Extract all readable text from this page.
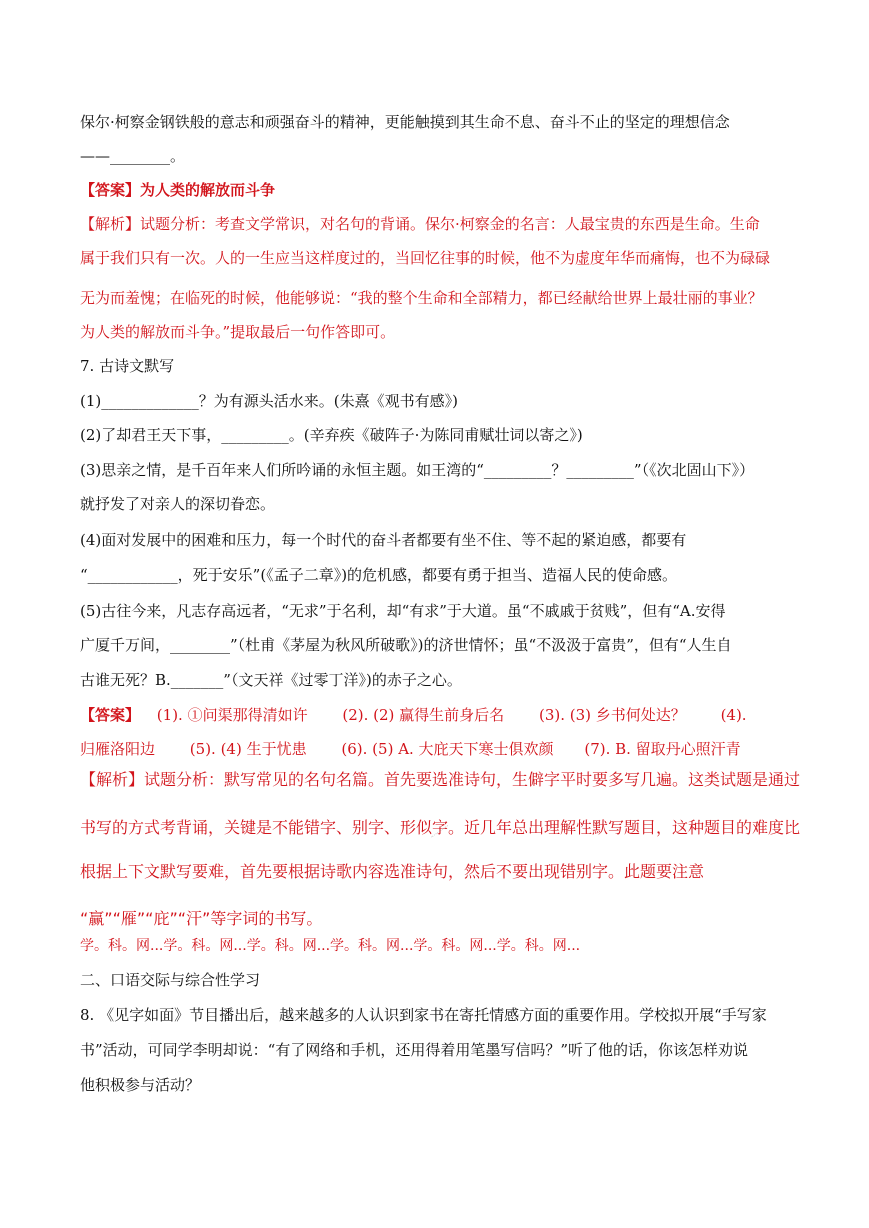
保尔·柯察金钢铁般的意志和顽强奋斗的精神，更能触摸到其生命不息、奋斗不止的坚定的理想信念
——________。
【答案】为人类的解放而斗争
【解析】试题分析：考查文学常识，对名句的背诵。保尔·柯察金的名言：人最宝贵的东西是生命。生命
属于我们只有一次。人的一生应当这样度过的，当回忆往事的时候，他不为虚度年华而痛悔，也不为碌碌
无为而羞愧；在临死的时候，他能够说：“我的整个生命和全部精力，都已经献给世界上最壮丽的事业？
为人类的解放而斗争。”提取最后一句作答即可。
7. 古诗文默写
(1)_____________？为有源头活水来。(朱熹《观书有感》)
(2)了却君王天下事，_________。(辛弃疾《破阵子·为陈同甫赋壮词以寄之》)
(3)思亲之情，是千百年来人们所吟诵的永恒主题。如王湾的“_________？_________”（《次北固山下》）
就抒发了对亲人的深切眷恋。
(4)面对发展中的困难和压力，每一个时代的奋斗者都要有坐不住、等不起的紧迫感，都要有
“____________，死于安乐”(《孟子二章》)的危机感，都要有勇于担当、造福人民的使命感。
(5)古往今来，凡志存高远者，“无求”于名利，却“有求”于大道。虽“不戚戚于贫贱”，但有“A.安得
广厦千万间，________”（杜甫《茅屋为秋风所破歌》)的济世情怀；虽“不汲汲于富贵”，但有“人生自
古谁无死？B._______”（文天祥《过零丁洋》)的赤子之心。
【答案】 (1). ①问渠那得清如许 (2). (2) 赢得生前身后名 (3). (3) 乡书何处达？ (4).
归雁洛阳边 (5). (4) 生于忧患 (6). (5) A. 大庇天下寒士俱欢颜 (7). B. 留取丹心照汗青
【解析】试题分析：默写常见的名句名篇。首先要选准诗句，生僻字平时要多写几遍。这类试题是通过
书写的方式考背诵，关键是不能错字、别字、形似字。近几年总出理解性默写题目，这种题目的难度比
根据上下文默写要难，首先要根据诗歌内容选准诗句，然后不要出现错别字。此题要注意
“赢”“雁”“庇”“汗”等字词的书写。
学。科。网...学。科。网...学。科。网...学。科。网...学。科。网...学。科。网...
二、口语交际与综合性学习
8. 《见字如面》节目播出后，越来越多的人认识到家书在寄托情感方面的重要作用。学校拟开展“手写家
书”活动，可同学李明却说：“有了网络和手机，还用得着用笔墨写信吗？”听了他的话，你该怎样劝说
他积极参与活动？
